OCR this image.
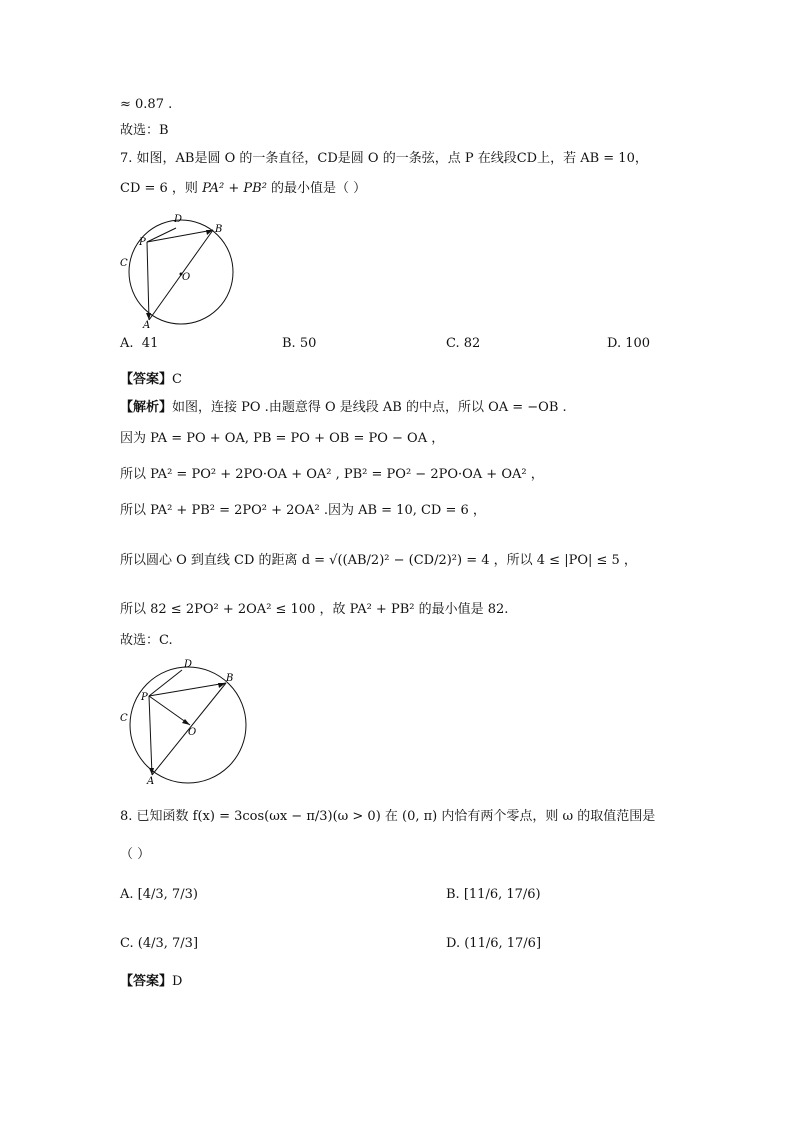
≈ 0.87 .
故选：B
7. 如图，AB是圆 O 的一条直径，CD是圆 O 的一条弦，点 P 在线段CD上，若 AB = 10，
CD = 6 ，则 PA² + PB² 的最小值是（ ）
D
B
P
C
O
A
A. 41	B. 50	C. 82	D. 100
【答案】C
【解析】如图，连接 PO .由题意得 O 是线段 AB 的中点，所以 OA = −OB .
因为 PA = PO + OA, PB = PO + OB = PO − OA ，
所以 PA² = PO² + 2PO·OA + OA² , PB² = PO² − 2PO·OA + OA² ，
所以 PA² + PB² = 2PO² + 2OA² .因为 AB = 10, CD = 6 ，
所以圆心 O 到直线 CD 的距离 d = √((AB/2)² − (CD/2)²) = 4 ，所以 4 ≤ |PO| ≤ 5 ，
所以 82 ≤ 2PO² + 2OA² ≤ 100 ，故 PA² + PB² 的最小值是 82.
故选：C.
D
B
P
C
O
A
8. 已知函数 f(x) = 3cos(ωx − π/3)(ω > 0) 在 (0, π) 内恰有两个零点，则 ω 的取值范围是
（ ）
A. [4/3, 7/3)	B. [11/6, 17/6)
C. (4/3, 7/3]	D. (11/6, 17/6]
【答案】D
